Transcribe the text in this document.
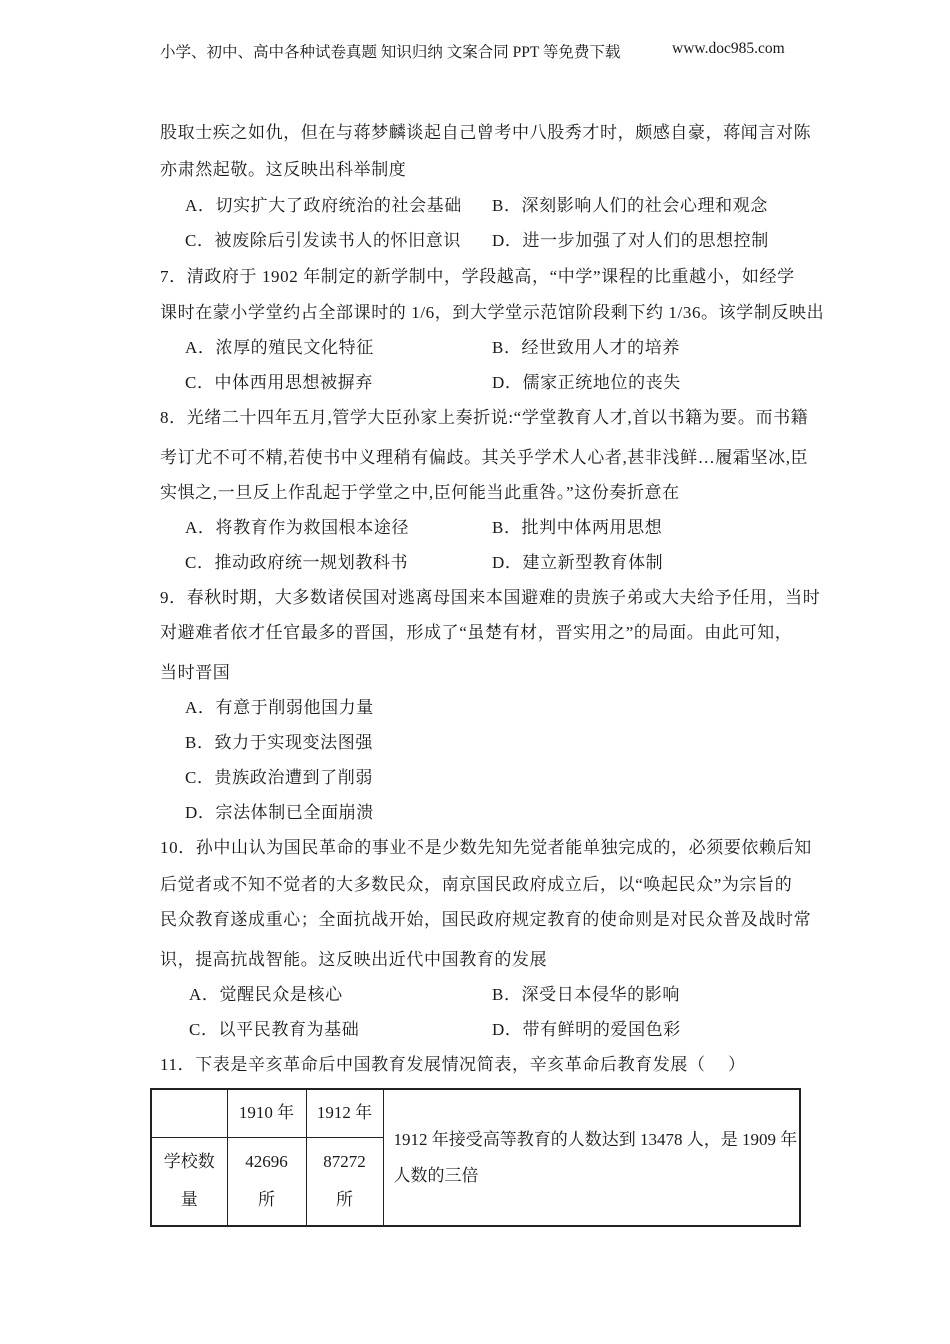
小学、初中、高中各种试卷真题 知识归纳 文案合同 PPT 等免费下载	www.doc985.com
股取士疾之如仇，但在与蒋梦麟谈起自己曾考中八股秀才时，颇感自豪，蒋闻言对陈
亦肃然起敬。这反映出科举制度
A．切实扩大了政府统治的社会基础 B．深刻影响人们的社会心理和观念
C．被废除后引发读书人的怀旧意识 D．进一步加强了对人们的思想控制
7．清政府于 1902 年制定的新学制中，学段越高，“中学”课程的比重越小，如经学
课时在蒙小学堂约占全部课时的 1/6，到大学堂示范馆阶段剩下约 1/36。该学制反映出
A．浓厚的殖民文化特征	B．经世致用人才的培养
C．中体西用思想被摒弃	D．儒家正统地位的丧失
8．光绪二十四年五月,管学大臣孙家上奏折说:“学堂教育人才,首以书籍为要。而书籍
考订尤不可不精,若使书中义理稍有偏歧。其关乎学术人心者,甚非浅鲜…履霜坚冰,臣
实惧之,一旦反上作乱起于学堂之中,臣何能当此重咎。”这份奏折意在
A．将教育作为救国根本途径	B．批判中体两用思想
C．推动政府统一规划教科书	D．建立新型教育体制
9．春秋时期，大多数诸侯国对逃离母国来本国避难的贵族子弟或大夫给予任用，当时
对避难者依才任官最多的晋国，形成了“虽楚有材，晋实用之”的局面。由此可知，
当时晋国
A．有意于削弱他国力量
B．致力于实现变法图强
C．贵族政治遭到了削弱
D．宗法体制已全面崩溃
10．孙中山认为国民革命的事业不是少数先知先觉者能单独完成的，必须要依赖后知
后觉者或不知不觉者的大多数民众，南京国民政府成立后，以“唤起民众”为宗旨的
民众教育遂成重心；全面抗战开始，国民政府规定教育的使命则是对民众普及战时常
识，提高抗战智能。这反映出近代中国教育的发展
A．觉醒民众是核心	B．深受日本侵华的影响
C．以平民教育为基础	D．带有鲜明的爱国色彩
11．下表是辛亥革命后中国教育发展情况简表，辛亥革命后教育发展（　 ）
	1910 年	1912 年	1912 年接受高等教育的人数达到 13478 人，是 1909 年人数的三倍
学校数量	42696 所	87272 所	
